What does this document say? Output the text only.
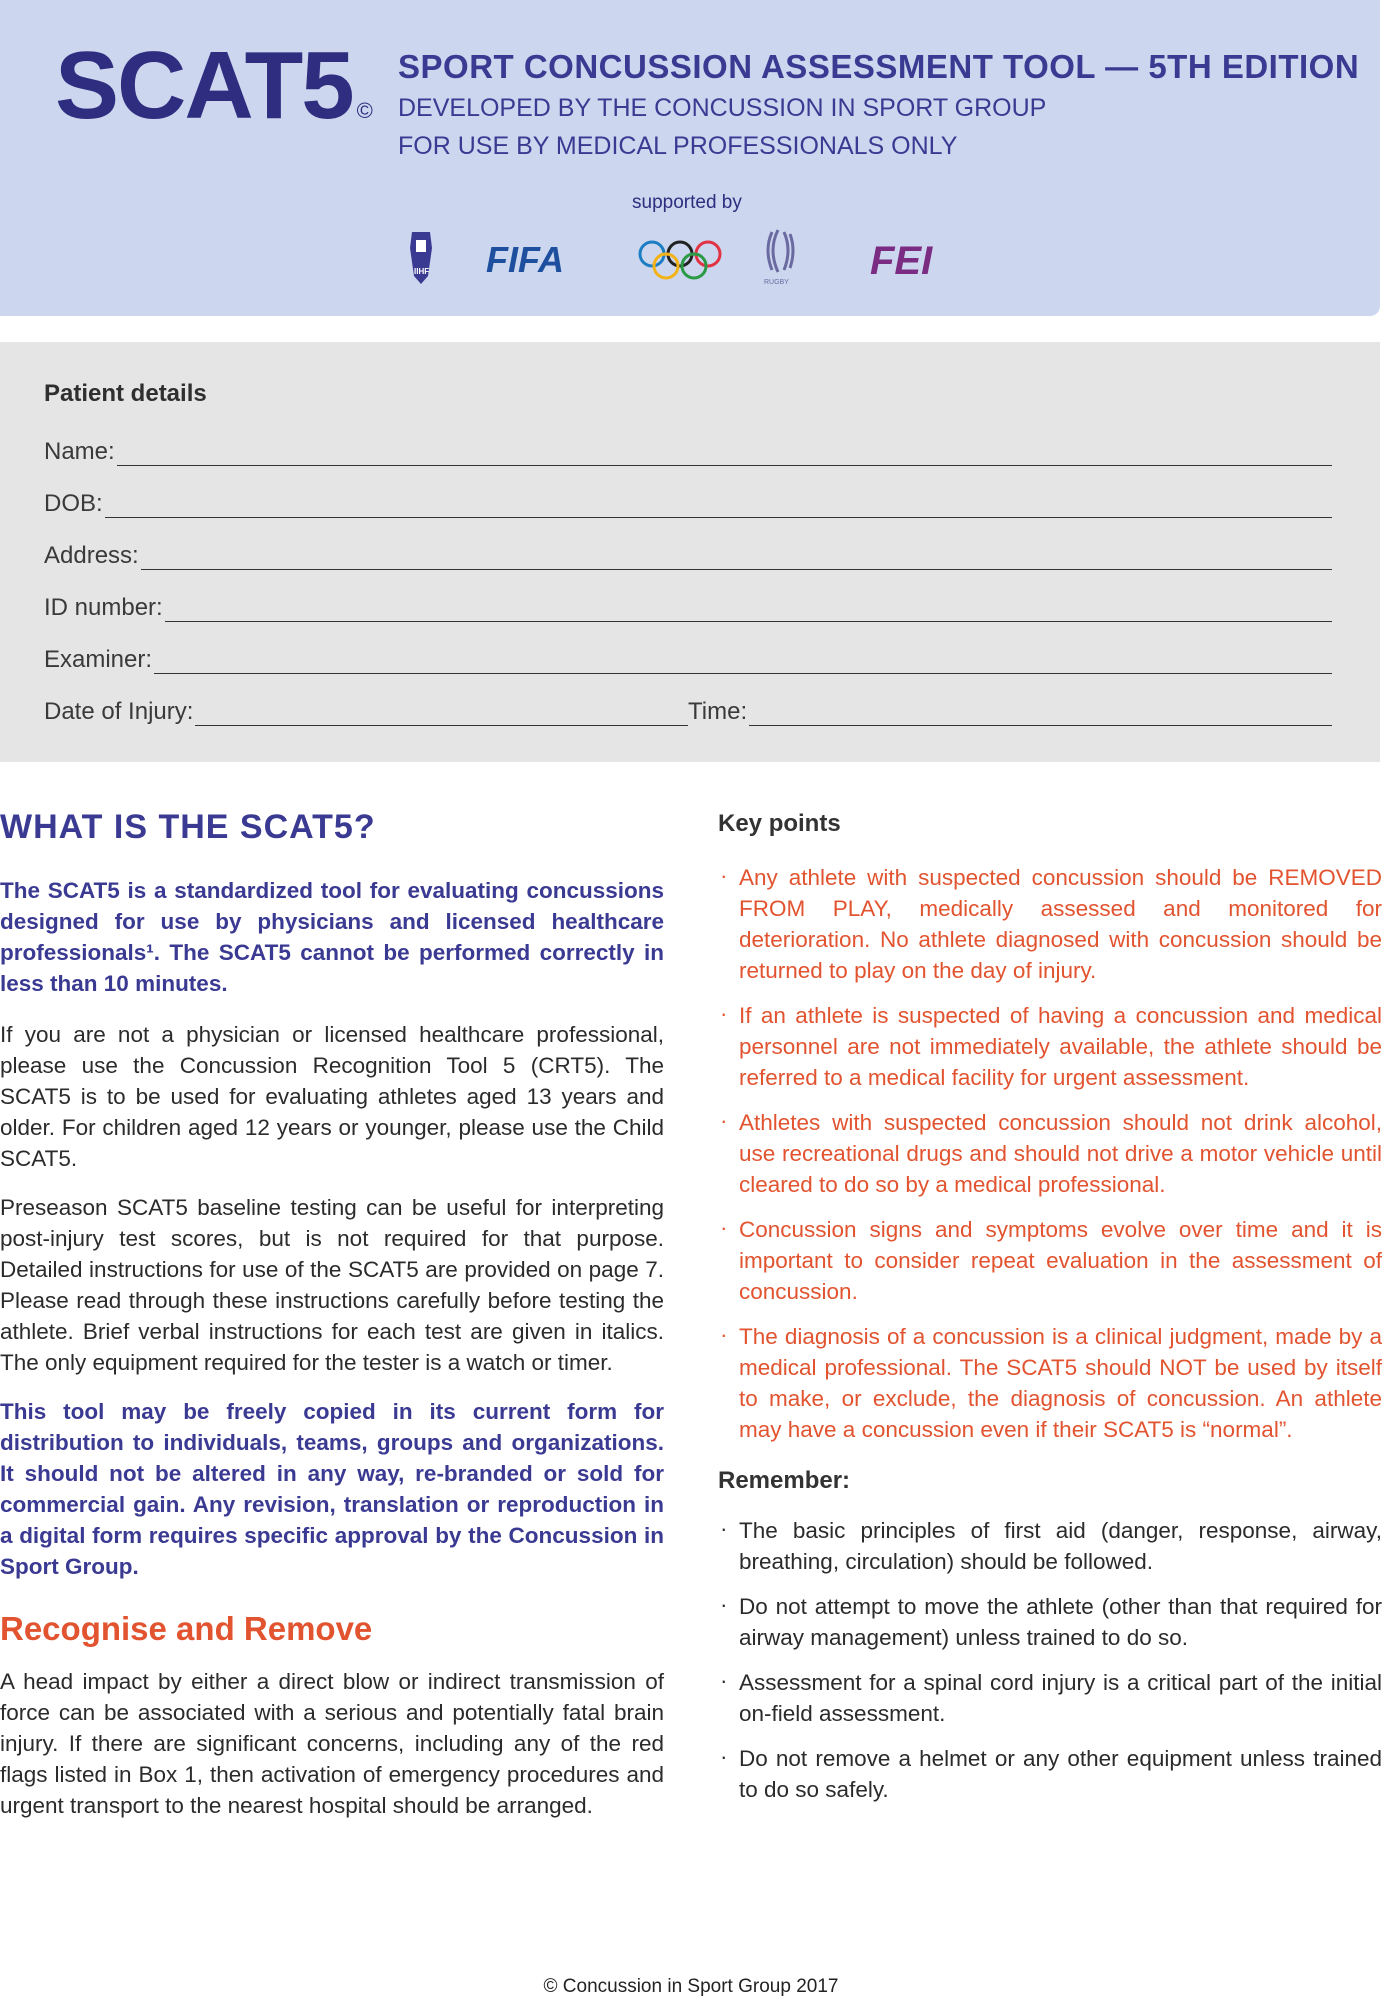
SCAT5 ©
SPORT CONCUSSION ASSESSMENT TOOL — 5TH EDITION
DEVELOPED BY THE CONCUSSION IN SPORT GROUP
FOR USE BY MEDICAL PROFESSIONALS ONLY
supported by
IIHF FIFA
RUGBY FEI
Patient details
Name:
DOB:
Address:
ID number:
Examiner:
Date of Injury:	Time:
WHAT IS THE SCAT5?

The SCAT5 is a standardized tool for evaluating concussions designed for use by physicians and licensed healthcare professionals¹. The SCAT5 cannot be performed correctly in less than 10 minutes.

If you are not a physician or licensed healthcare professional, please use the Concussion Recognition Tool 5 (CRT5). The SCAT5 is to be used for evaluating athletes aged 13 years and older. For children aged 12 years or younger, please use the Child SCAT5.

Preseason SCAT5 baseline testing can be useful for interpreting post-injury test scores, but is not required for that purpose. Detailed instructions for use of the SCAT5 are provided on page 7. Please read through these instructions carefully before testing the athlete. Brief verbal instructions for each test are given in italics. The only equipment required for the tester is a watch or timer.

This tool may be freely copied in its current form for distribution to individuals, teams, groups and organizations. It should not be altered in any way, re-branded or sold for commercial gain. Any revision, translation or reproduction in a digital form requires specific approval by the Concussion in Sport Group.

Recognise and Remove

A head impact by either a direct blow or indirect transmission of force can be associated with a serious and potentially fatal brain injury. If there are significant concerns, including any of the red flags listed in Box 1, then activation of emergency procedures and urgent transport to the nearest hospital should be arranged.

Key points
· Any athlete with suspected concussion should be REMOVED FROM PLAY, medically assessed and monitored for deterioration. No athlete diagnosed with concussion should be returned to play on the day of injury.
· If an athlete is suspected of having a concussion and medical personnel are not immediately available, the athlete should be referred to a medical facility for urgent assessment.
· Athletes with suspected concussion should not drink alcohol, use recreational drugs and should not drive a motor vehicle until cleared to do so by a medical professional.
· Concussion signs and symptoms evolve over time and it is important to consider repeat evaluation in the assessment of concussion.
· The diagnosis of a concussion is a clinical judgment, made by a medical professional. The SCAT5 should NOT be used by itself to make, or exclude, the diagnosis of concussion. An athlete may have a concussion even if their SCAT5 is “normal”.
Remember:
· The basic principles of first aid (danger, response, airway, breathing, circulation) should be followed.
· Do not attempt to move the athlete (other than that required for airway management) unless trained to do so.
· Assessment for a spinal cord injury is a critical part of the initial on-field assessment.
· Do not remove a helmet or any other equipment unless trained to do so safely.
© Concussion in Sport Group 2017
